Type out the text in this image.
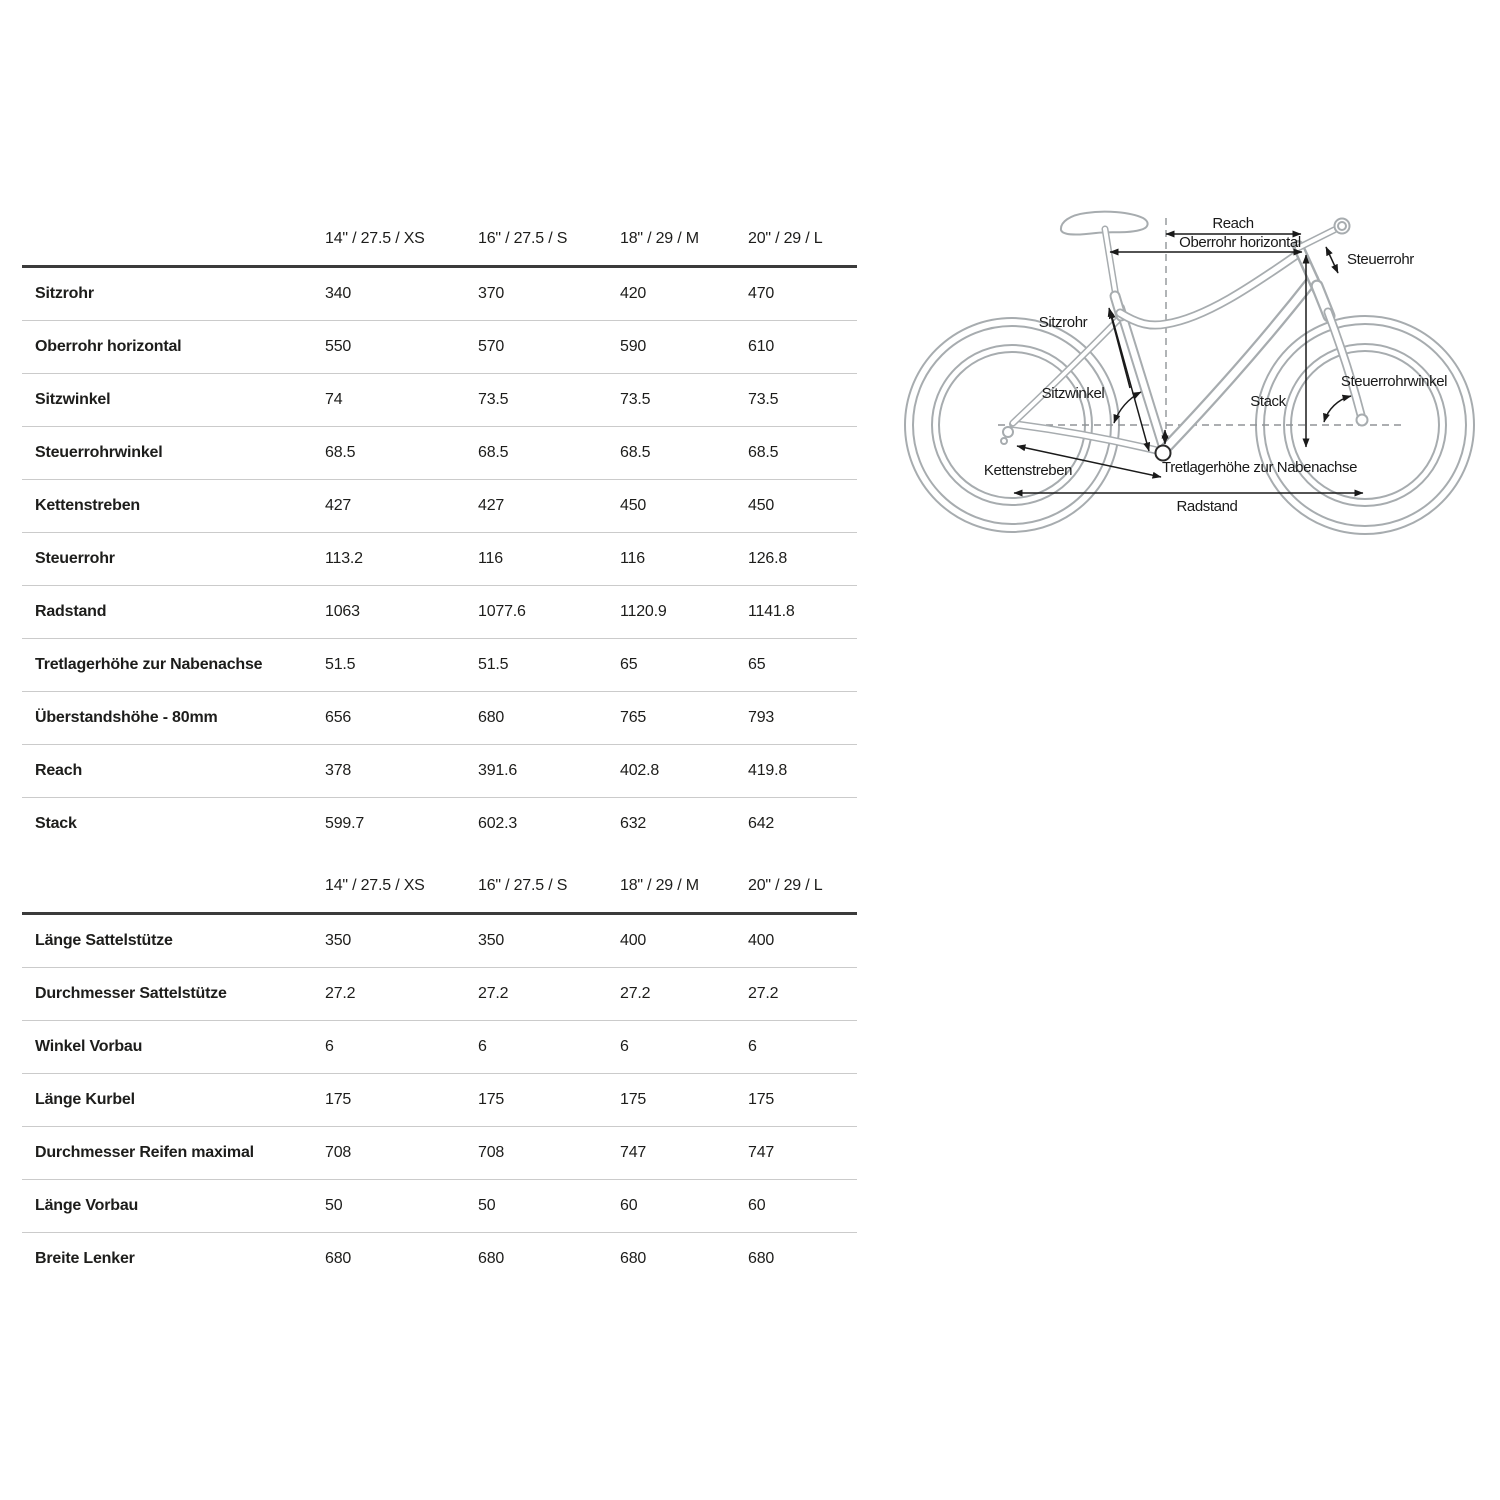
14" / 27.5 / XS	16" / 27.5 / S	18" / 29 / M	20" / 29 / L
Sitzrohr	340	370	420	470
Oberrohr horizontal	550	570	590	610
Sitzwinkel	74	73.5	73.5	73.5
Steuerrohrwinkel	68.5	68.5	68.5	68.5
Kettenstreben	427	427	450	450
Steuerrohr	113.2	116	116	126.8
Radstand	1063	1077.6	1120.9	1141.8
Tretlagerhöhe zur Nabenachse	51.5	51.5	65	65
Überstandshöhe - 80mm	656	680	765	793
Reach	378	391.6	402.8	419.8
Stack	599.7	602.3	632	642
14" / 27.5 / XS	16" / 27.5 / S	18" / 29 / M	20" / 29 / L
Länge Sattelstütze	350	350	400	400
Durchmesser Sattelstütze	27.2	27.2	27.2	27.2
Winkel Vorbau	6	6	6	6
Länge Kurbel	175	175	175	175
Durchmesser Reifen maximal	708	708	747	747
Länge Vorbau	50	50	60	60
Breite Lenker	680	680	680	680
Reach
Oberrohr horizontal
Steuerrohr
Sitzrohr
Sitzwinkel	Stack
Steuerrohrwinkel
Kettenstreben	Tretlagerhöhe zur Nabenachse
Radstand
